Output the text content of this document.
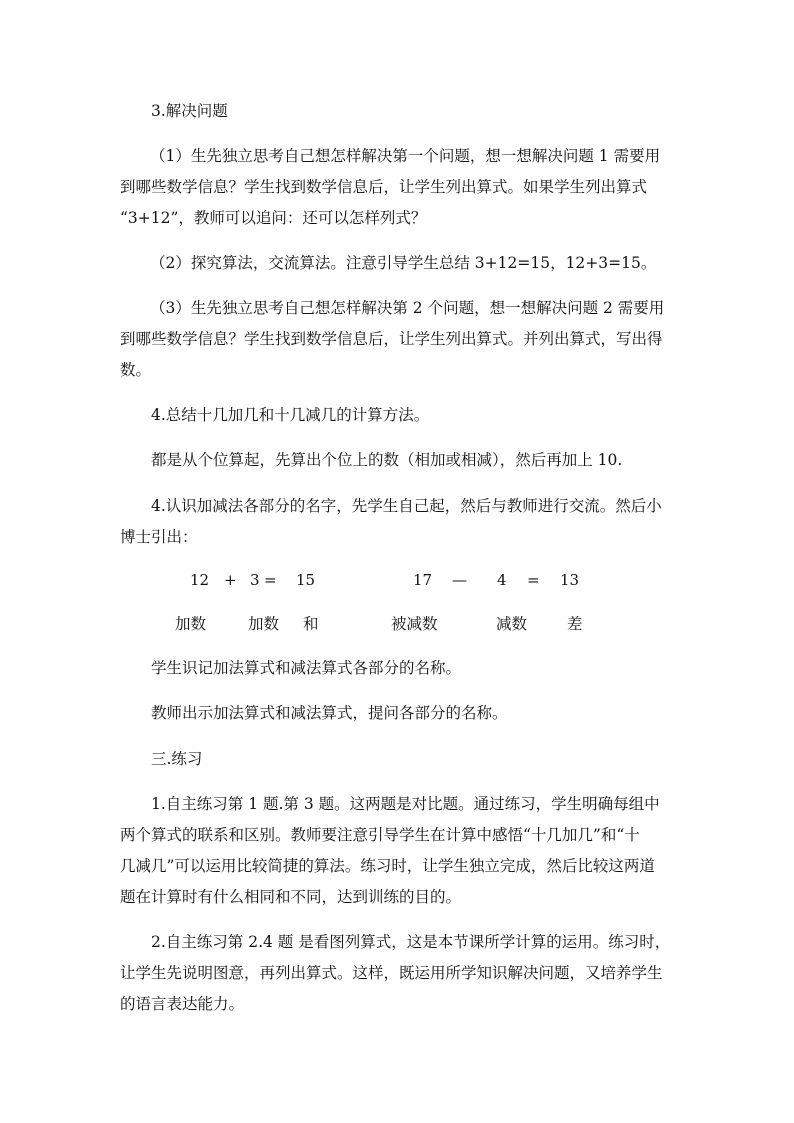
3.解决问题
（1）生先独立思考自己想怎样解决第一个问题，想一想解决问题 1 需要用
到哪些数学信息？学生找到数学信息后，让学生列出算式。如果学生列出算式
“3+12”，教师可以追问：还可以怎样列式？
（2）探究算法，交流算法。注意引导学生总结 3+12=15，12+3=15。
（3）生先独立思考自己想怎样解决第 2 个问题，想一想解决问题 2 需要用
到哪些数学信息？学生找到数学信息后，让学生列出算式。并列出算式，写出得
数。
4.总结十几加几和十几减几的计算方法。
都是从个位算起，先算出个位上的数（相加或相减），然后再加上 10.
4.认识加减法各部分的名字，先学生自己起，然后与教师进行交流。然后小
博士引出：
12 + 3 = 15	17 — 4 = 13
加数	加数 和	被减数	减数	差
学生识记加法算式和减法算式各部分的名称。
教师出示加法算式和减法算式，提问各部分的名称。
三.练习
1.自主练习第 1 题.第 3 题。这两题是对比题。通过练习，学生明确每组中
两个算式的联系和区别。教师要注意引导学生在计算中感悟“十几加几”和“十
几减几”可以运用比较简捷的算法。练习时，让学生独立完成，然后比较这两道
题在计算时有什么相同和不同，达到训练的目的。
2.自主练习第 2.4 题 是看图列算式，这是本节课所学计算的运用。练习时，
让学生先说明图意，再列出算式。这样，既运用所学知识解决问题，又培养学生
的语言表达能力。
